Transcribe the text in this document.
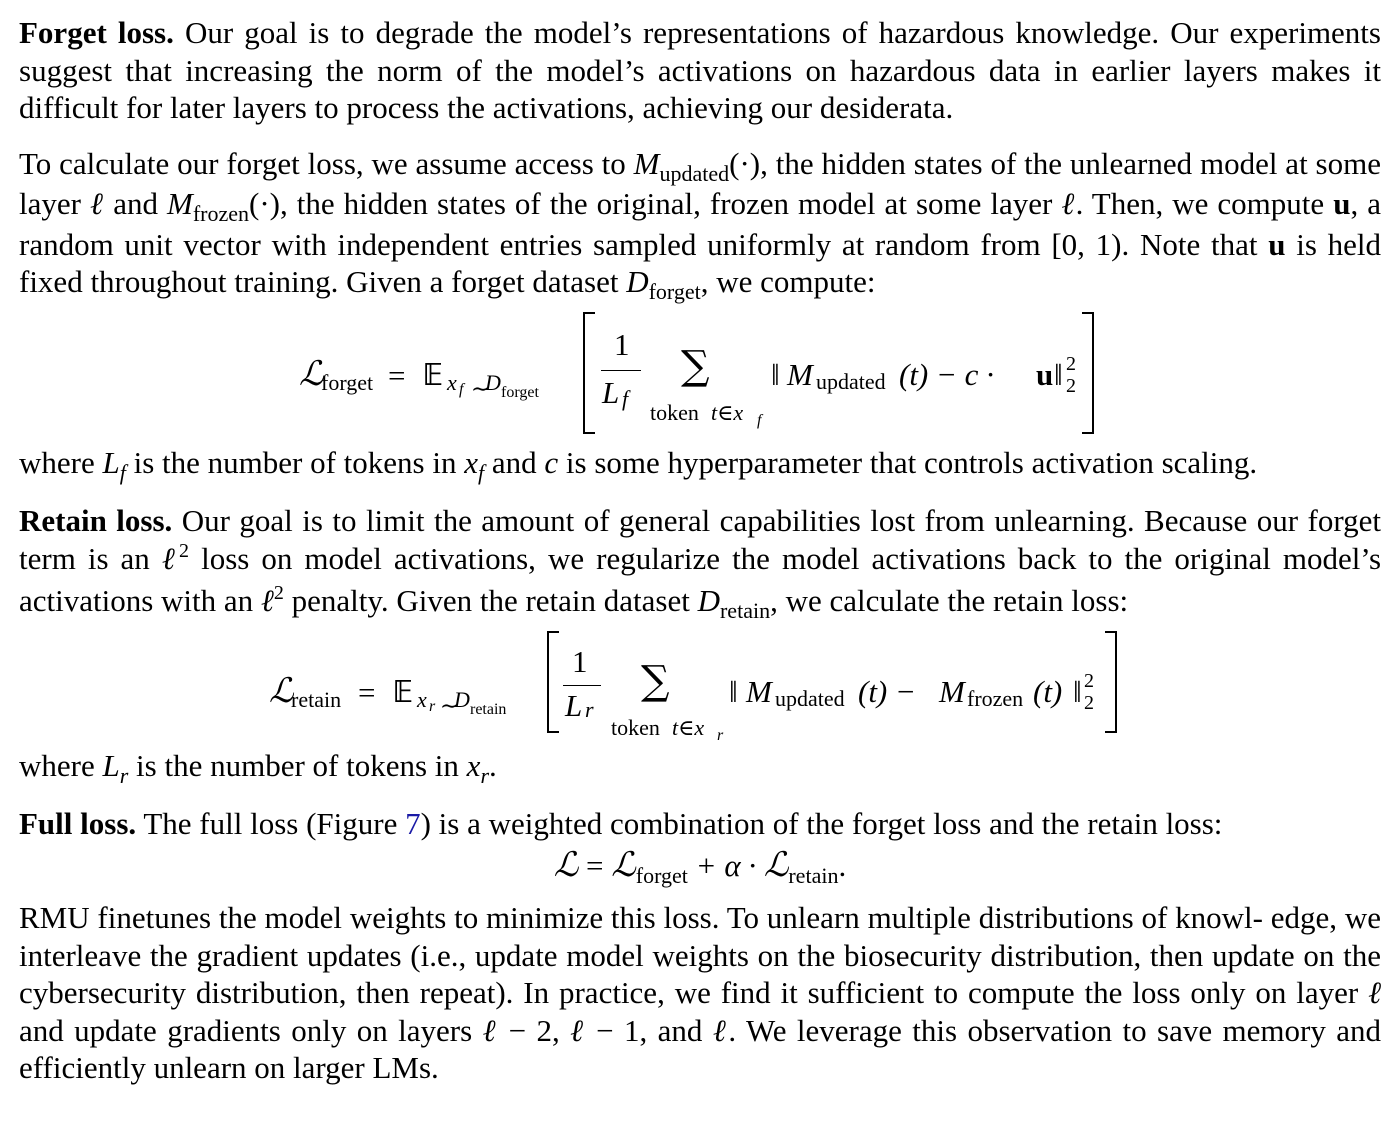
Forget loss. Our goal is to degrade the model’s representations of hazardous knowledge. Our experiments suggest that increasing the norm of the model’s activations on hazardous data in earlier layers makes it difficult for later layers to process the activations, achieving our desiderata.

To calculate our forget loss, we assume access to $M_{updated}(\cdot)$, the hidden states of the unlearned model at some layer ℓ and $M_{frozen}(\cdot)$, the hidden states of the original, frozen model at some layer ℓ. Then, we compute u, a random unit vector with independent entries sampled uniformly at random from [0, 1). Note that u is held fixed throughout training. Given a forget dataset $D_{forget}$, we compute:

ℒ
forget = 𝔼 x f ∼
D forget
1
L f
∑
token t∈x f
‖ M updated (t) − c · u ‖ 2
2

where $L_f$ is the number of tokens in $x_f$ and c is some hyperparameter that controls activation scaling.

Retain loss. Our goal is to limit the amount of general capabilities lost from unlearning. Because our forget term is an ℓ$^2$ loss on model activations, we regularize the model activations back to the original model’s activations with an ℓ$^2$ penalty. Given the retain dataset $D_{retain}$, we calculate the retain loss:

ℒ
retain = 𝔼 x r ∼
D retain
1
L r
∑
token t∈x r
‖ M updated (t) − M frozen (t) ‖ 2
2

where $L_r$ is the number of tokens in $x_r$.

Full loss. The full loss (Figure 7) is a weighted combination of the forget loss and the retain loss:

ℒ = ℒ$_{forget}$ + α · ℒ$_{retain}$.

RMU finetunes the model weights to minimize this loss. To unlearn multiple distributions of knowl- edge, we interleave the gradient updates (i.e., update model weights on the biosecurity distribution, then update on the cybersecurity distribution, then repeat). In practice, we find it sufficient to compute the loss only on layer ℓ and update gradients only on layers ℓ − 2, ℓ − 1, and ℓ. We leverage this observation to save memory and efficiently unlearn on larger LMs.
